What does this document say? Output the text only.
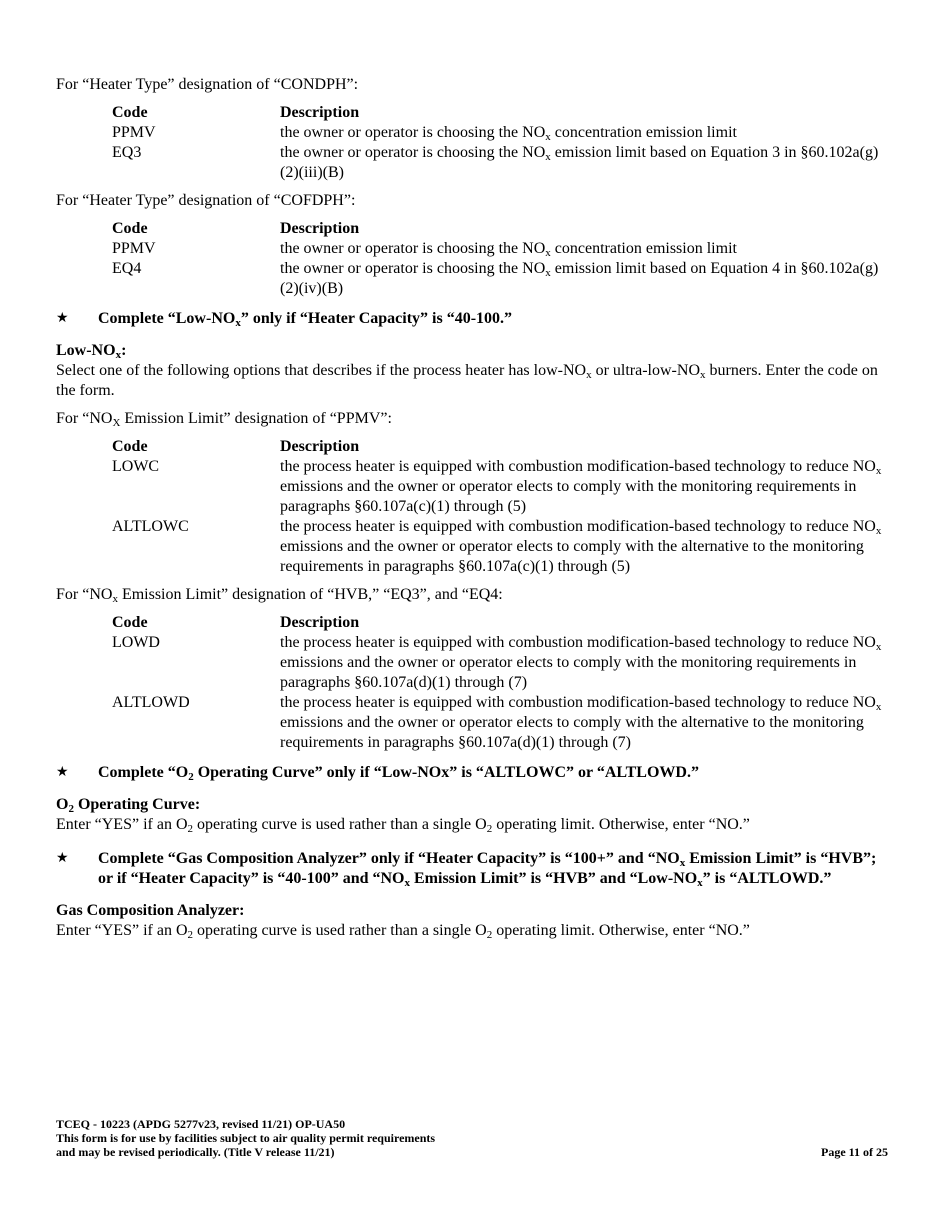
For “Heater Type” designation of “CONDPH”:

Code	Description
PPMV	the owner or operator is choosing the $NO_x$ concentration emission limit
EQ3	the owner or operator is choosing the $NO_x$ emission limit based on Equation 3 in §60.102a(g)(2)(iii)(B)

For “Heater Type” designation of “COFDPH”:

Code	Description
PPMV	the owner or operator is choosing the $NO_x$ concentration emission limit
EQ4	the owner or operator is choosing the $NO_x$ emission limit based on Equation 4 in §60.102a(g)(2)(iv)(B)
★	Complete “$Low-NO_x$” only if “Heater Capacity” is “40-100.”

Low-$NO_x$:

Select one of the following options that describes if the process heater has low-$NO_x$ or ultra-$low-NO_x$ burners. Enter the code on the form.

For “$NO_X$ Emission Limit” designation of “PPMV”:

Code	Description
LOWC	the process heater is equipped with combustion modification-based technology to reduce $NO_x$ emissions and the owner or operator elects to comply with the monitoring requirements in paragraphs §60.107a(c)(1) through (5)
ALTLOWC	the process heater is equipped with combustion modification-based technology to reduce $NO_x$ emissions and the owner or operator elects to comply with the alternative to the monitoring requirements in paragraphs §60.107a(c)(1) through (5)

For “$NO_x$ Emission Limit” designation of “HVB,” “EQ3”, and “EQ4:

Code	Description
LOWD	the process heater is equipped with combustion modification-based technology to reduce $NO_x$ emissions and the owner or operator elects to comply with the monitoring requirements in paragraphs §60.107a(d)(1) through (7)
ALTLOWD	the process heater is equipped with combustion modification-based technology to reduce $NO_x$ emissions and the owner or operator elects to comply with the alternative to the monitoring requirements in paragraphs §60.107a(d)(1) through (7)
★	Complete “$O_2$ Operating Curve” only if “Low-NOx” is “ALTLOWC” or “ALTLOWD.”

$O_2$ Operating Curve:

Enter “YES” if an $O_2$ operating curve is used rather than a single $O_2$ operating limit. Otherwise, enter “NO.”

★	Complete “Gas Composition Analyzer” only if “Heater Capacity” is “100+” and “$NO_x$ Emission Limit” is “HVB”; or if “Heater Capacity” is “40-100” and “$NO_x$ Emission Limit” is “HVB” and “$Low-NO_x$” is “ALTLOWD.”

Gas Composition Analyzer:

Enter “YES” if an $O_2$ operating curve is used rather than a single $O_2$ operating limit. Otherwise, enter “NO.”

TCEQ - 10223 (APDG 5277v23, revised 11/21) OP-UA50
This form is for use by facilities subject to air quality permit requirements
and may be revised periodically. (Title V release 11/21)	Page 11 of 25
